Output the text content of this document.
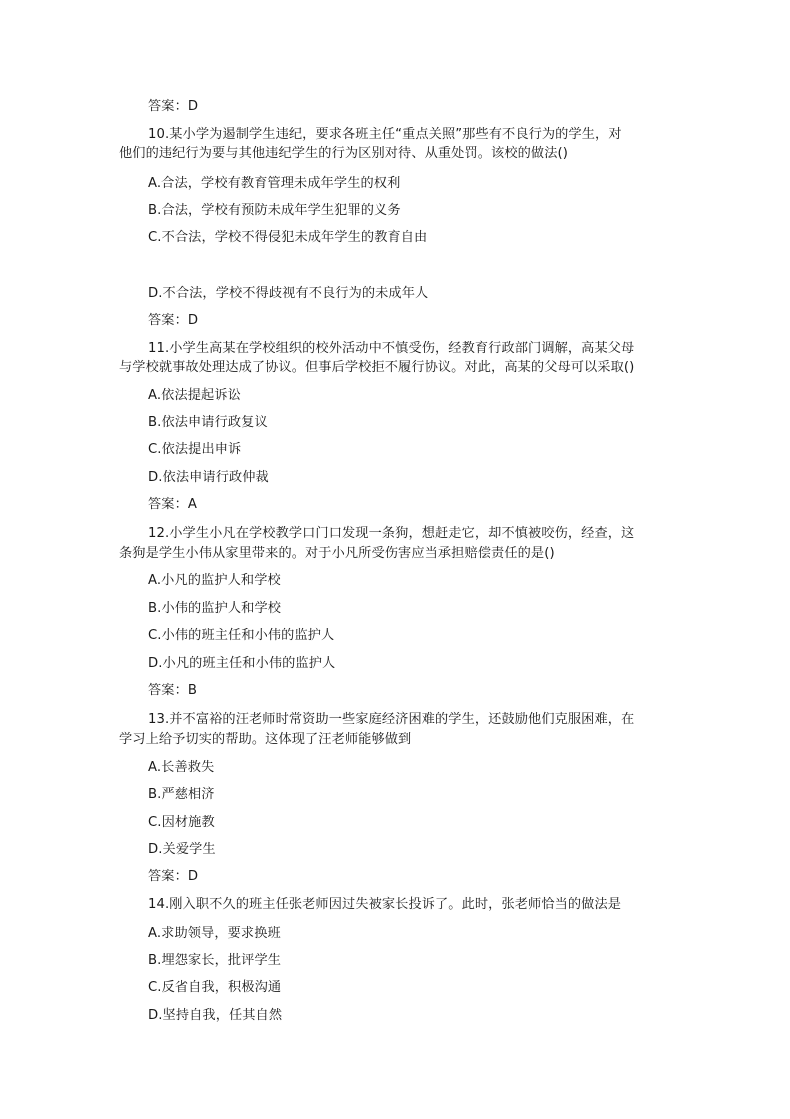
答案：D
10.某小学为遏制学生违纪，要求各班主任“重点关照”那些有不良行为的学生，对
他们的违纪行为要与其他违纪学生的行为区别对待、从重处罚。该校的做法()
A.合法，学校有教育管理未成年学生的权利
B.合法，学校有预防未成年学生犯罪的义务
C.不合法，学校不得侵犯未成年学生的教育自由
D.不合法，学校不得歧视有不良行为的未成年人
答案：D
11.小学生高某在学校组织的校外活动中不慎受伤，经教育行政部门调解，高某父母
与学校就事故处理达成了协议。但事后学校拒不履行协议。对此，高某的父母可以采取()
A.依法提起诉讼
B.依法申请行政复议
C.依法提出申诉
D.依法申请行政仲裁
答案：A
12.小学生小凡在学校教学口门口发现一条狗，想赶走它，却不慎被咬伤，经查，这
条狗是学生小伟从家里带来的。对于小凡所受伤害应当承担赔偿责任的是()
A.小凡的监护人和学校
B.小伟的监护人和学校
C.小伟的班主任和小伟的监护人
D.小凡的班主任和小伟的监护人
答案：B
13.并不富裕的汪老师时常资助一些家庭经济困难的学生，还鼓励他们克服困难，在
学习上给予切实的帮助。这体现了汪老师能够做到
A.长善救失
B.严慈相济
C.因材施教
D.关爱学生
答案：D
14.刚入职不久的班主任张老师因过失被家长投诉了。此时，张老师恰当的做法是
A.求助领导，要求换班
B.埋怨家长，批评学生
C.反省自我，积极沟通
D.坚持自我，任其自然
